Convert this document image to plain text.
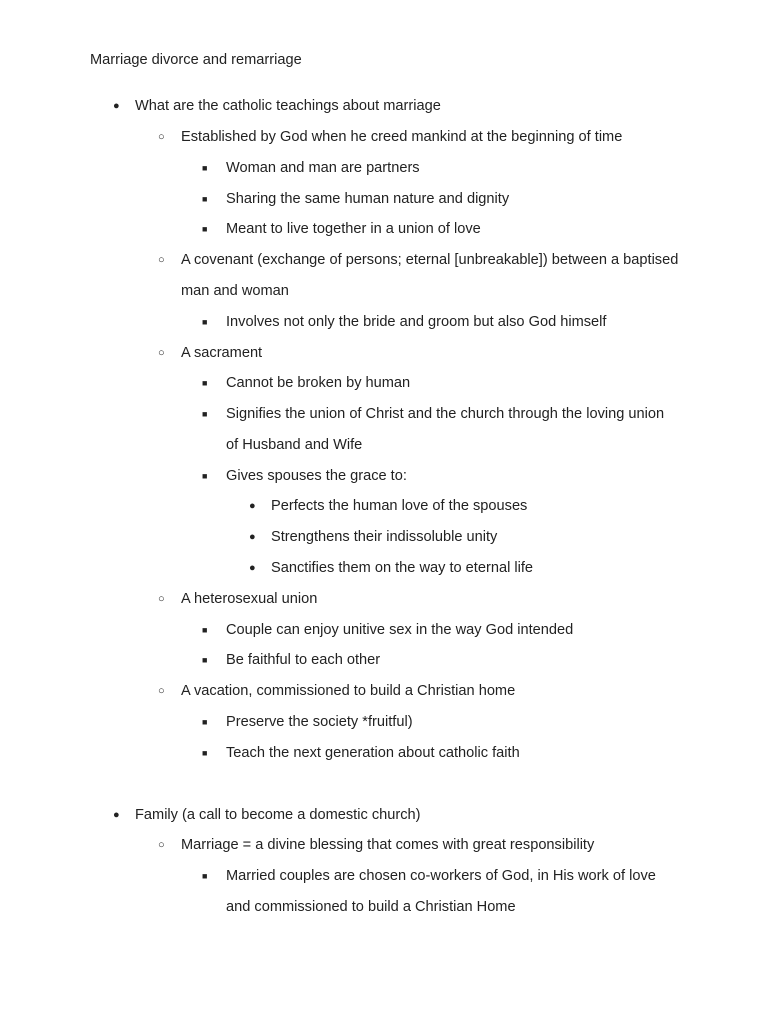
Marriage divorce and remarriage
● What are the catholic teachings about marriage
○ Established by God when he creed mankind at the beginning of time
■ Woman and man are partners
■ Sharing the same human nature and dignity
■ Meant to live together in a union of love
○ A covenant (exchange of persons; eternal [unbreakable]) between a baptised man and woman
■ Involves not only the bride and groom but also God himself
○ A sacrament
■ Cannot be broken by human
■ Signifies the union of Christ and the church through the loving union of Husband and Wife
■ Gives spouses the grace to:
● Perfects the human love of the spouses
● Strengthens their indissoluble unity
● Sanctifies them on the way to eternal life
○ A heterosexual union
■ Couple can enjoy unitive sex in the way God intended
■ Be faithful to each other
○ A vacation, commissioned to build a Christian home
■ Preserve the society *fruitful)
■ Teach the next generation about catholic faith
● Family (a call to become a domestic church)
○ Marriage = a divine blessing that comes with great responsibility
■ Married couples are chosen co-workers of God, in His work of love and commissioned to build a Christian Home
